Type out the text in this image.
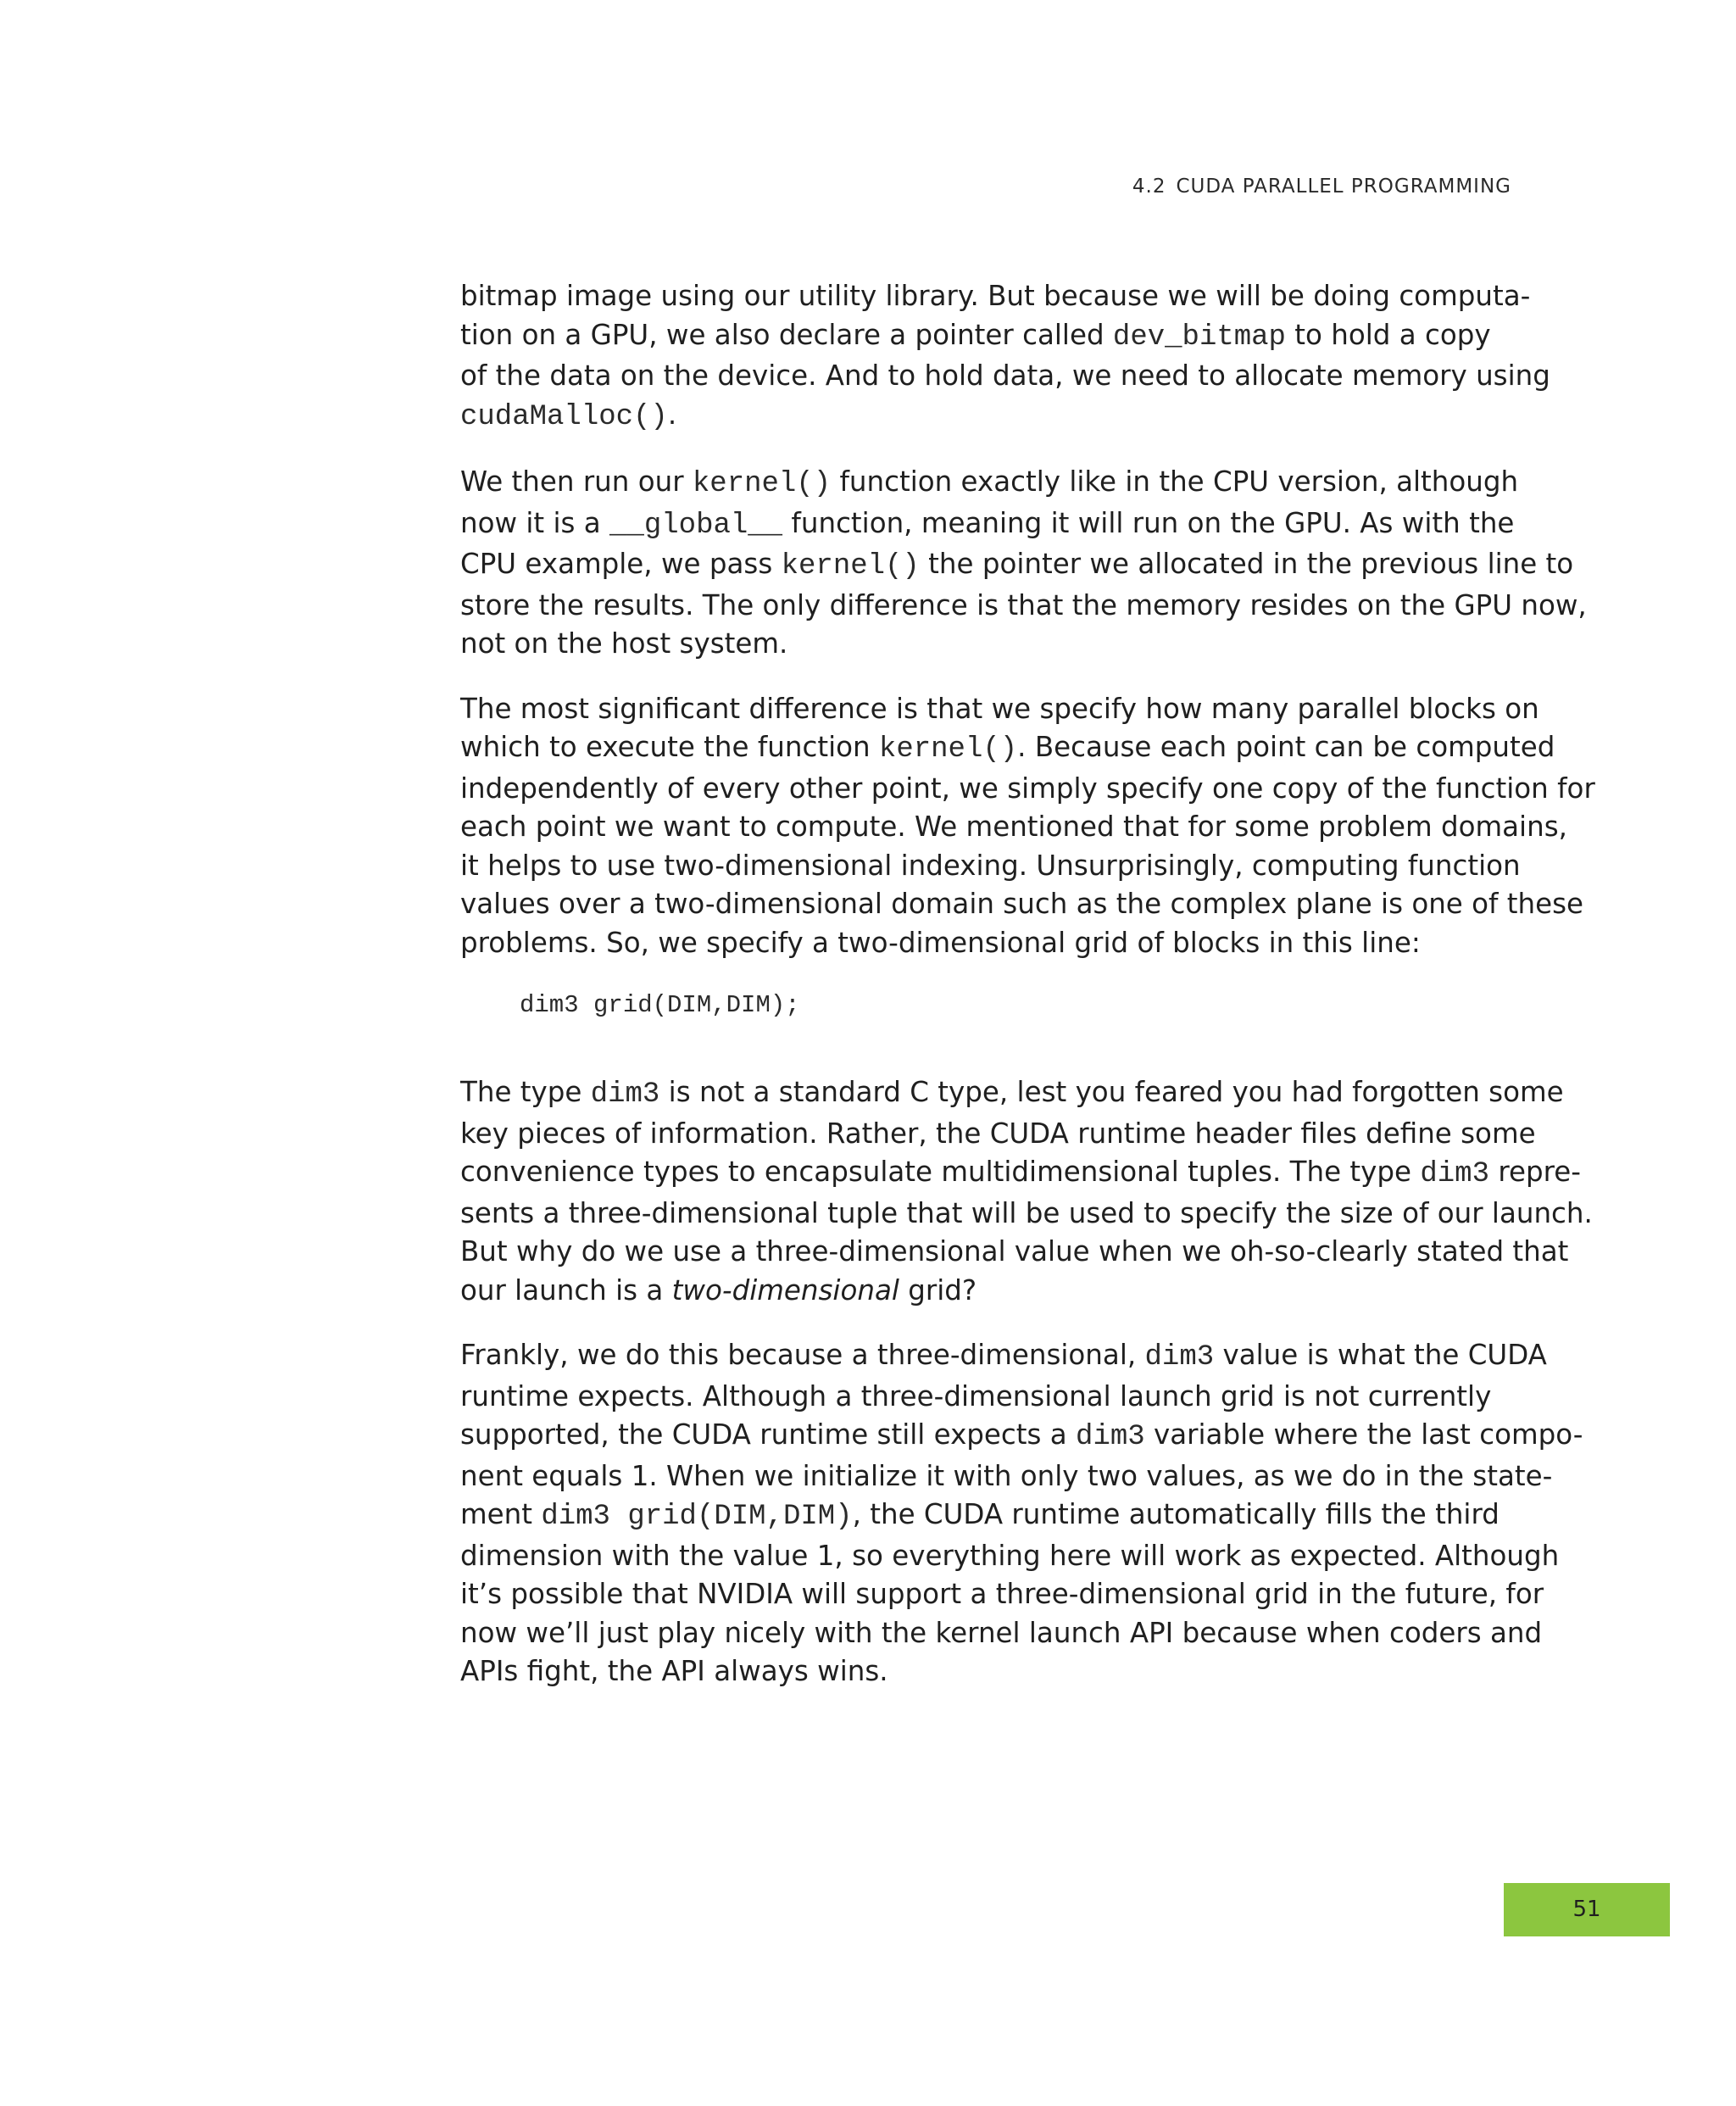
4.2 CUDA PARALLEL PROGRAMMING

bitmap image using our utility library. But because we will be doing computa-
tion on a GPU, we also declare a pointer called dev_bitmap to hold a copy
of the data on the device. And to hold data, we need to allocate memory using
cudaMalloc().

We then run our kernel() function exactly like in the CPU version, although
now it is a __global__ function, meaning it will run on the GPU. As with the
CPU example, we pass kernel() the pointer we allocated in the previous line to
store the results. The only difference is that the memory resides on the GPU now,
not on the host system.

The most significant difference is that we specify how many parallel blocks on
which to execute the function kernel(). Because each point can be computed
independently of every other point, we simply specify one copy of the function for
each point we want to compute. We mentioned that for some problem domains,
it helps to use two-dimensional indexing. Unsurprisingly, computing function
values over a two-dimensional domain such as the complex plane is one of these
problems. So, we specify a two-dimensional grid of blocks in this line:

dim3 grid(DIM,DIM);

The type dim3 is not a standard C type, lest you feared you had forgotten some
key pieces of information. Rather, the CUDA runtime header files define some
convenience types to encapsulate multidimensional tuples. The type dim3 repre-
sents a three-dimensional tuple that will be used to specify the size of our launch.
But why do we use a three-dimensional value when we oh-so-clearly stated that
our launch is a two-dimensional grid?

Frankly, we do this because a three-dimensional, dim3 value is what the CUDA
runtime expects. Although a three-dimensional launch grid is not currently
supported, the CUDA runtime still expects a dim3 variable where the last compo-
nent equals 1. When we initialize it with only two values, as we do in the state-
ment dim3 grid(DIM,DIM), the CUDA runtime automatically fills the third
dimension with the value 1, so everything here will work as expected. Although
it’s possible that NVIDIA will support a three-dimensional grid in the future, for
now we’ll just play nicely with the kernel launch API because when coders and
APIs fight, the API always wins.

51
